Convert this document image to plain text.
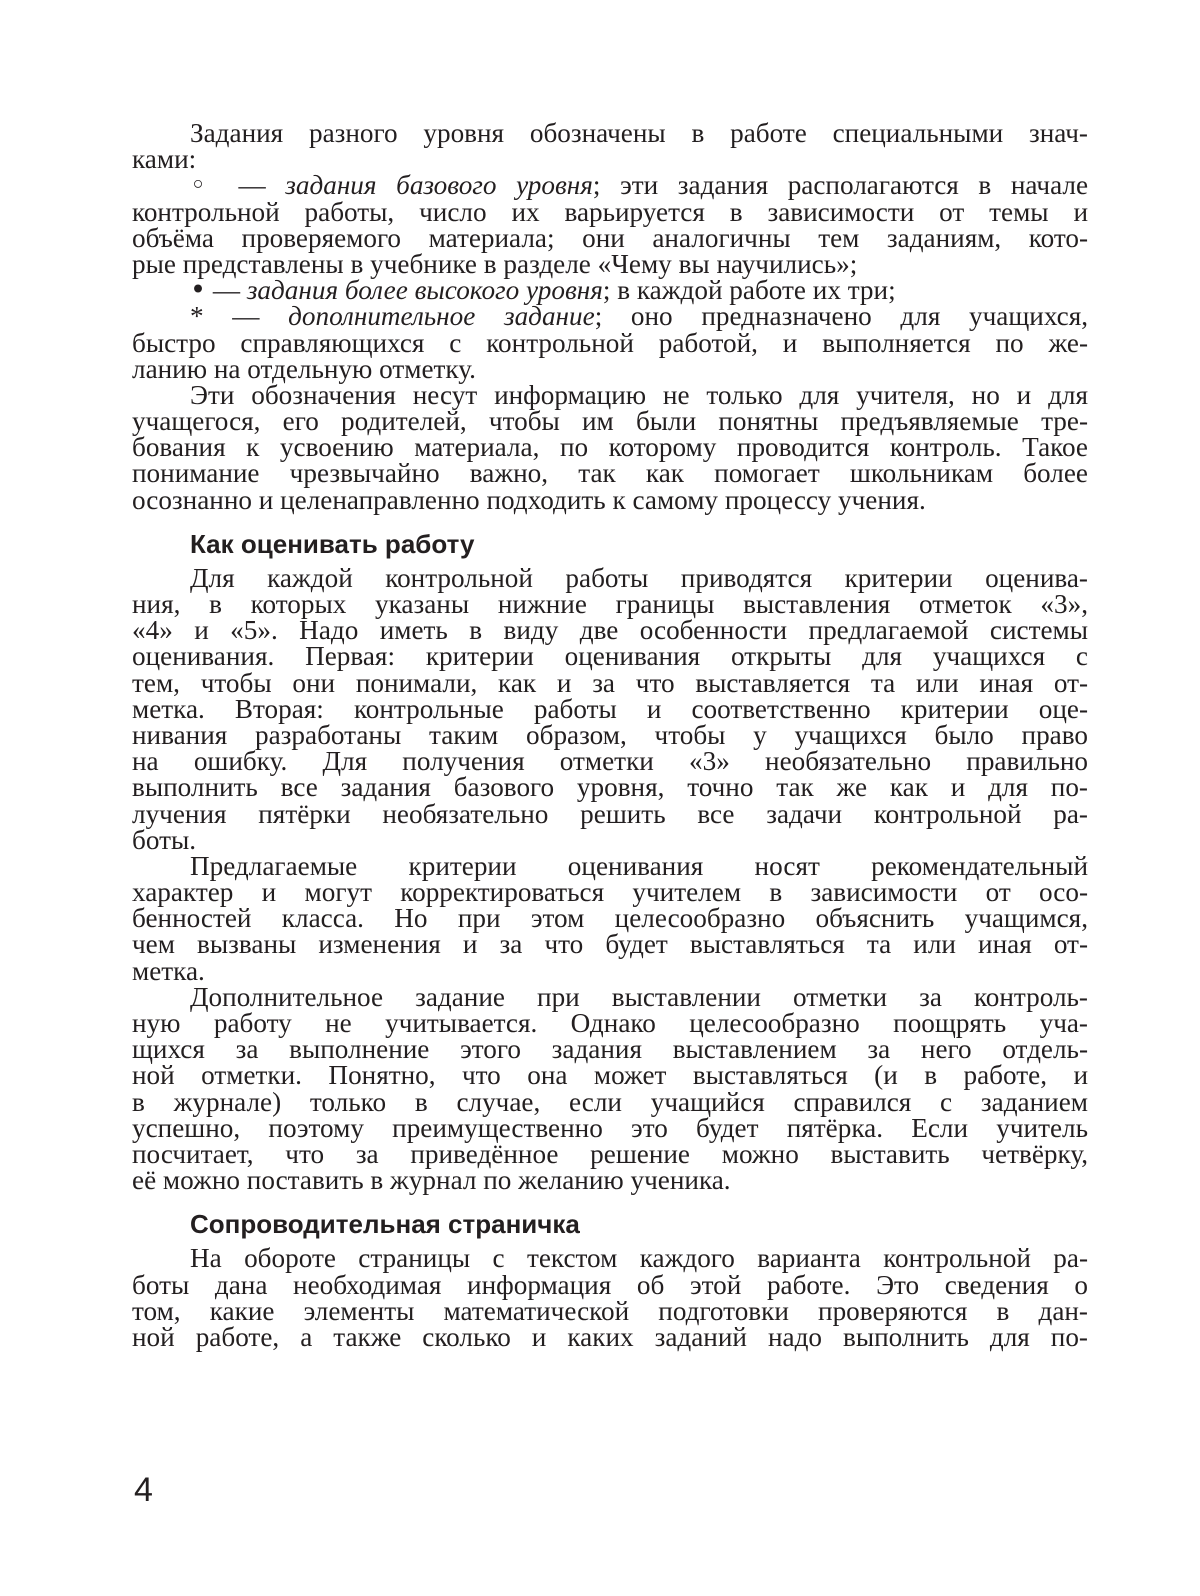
Задания разного уровня обозначены в работе специальными знач-
ками:
◦ — задания базового уровня; эти задания располагаются в начале
контрольной работы, число их варьируется в зависимости от темы и
объёма проверяемого материала; они аналогичны тем заданиям, кото-
рые представлены в учебнике в разделе «Чему вы научились»;
• — задания более высокого уровня; в каждой работе их три;
* — дополнительное задание; оно предназначено для учащихся,
быстро справляющихся с контрольной работой, и выполняется по же-
ланию на отдельную отметку.
Эти обозначения несут информацию не только для учителя, но и для
учащегося, его родителей, чтобы им были понятны предъявляемые тре-
бования к усвоению материала, по которому проводится контроль. Такое
понимание чрезвычайно важно, так как помогает школьникам более
осознанно и целенаправленно подходить к самому процессу учения.
Как оценивать работу
Для каждой контрольной работы приводятся критерии оценива-
ния, в которых указаны нижние границы выставления отметок «3»,
«4» и «5». Надо иметь в виду две особенности предлагаемой системы
оценивания. Первая: критерии оценивания открыты для учащихся с
тем, чтобы они понимали, как и за что выставляется та или иная от-
метка. Вторая: контрольные работы и соответственно критерии оце-
нивания разработаны таким образом, чтобы у учащихся было право
на ошибку. Для получения отметки «3» необязательно правильно
выполнить все задания базового уровня, точно так же как и для по-
лучения пятёрки необязательно решить все задачи контрольной ра-
боты.
Предлагаемые критерии оценивания носят рекомендательный
характер и могут корректироваться учителем в зависимости от осо-
бенностей класса. Но при этом целесообразно объяснить учащимся,
чем вызваны изменения и за что будет выставляться та или иная от-
метка.
Дополнительное задание при выставлении отметки за контроль-
ную работу не учитывается. Однако целесообразно поощрять уча-
щихся за выполнение этого задания выставлением за него отдель-
ной отметки. Понятно, что она может выставляться (и в работе, и
в журнале) только в случае, если учащийся справился с заданием
успешно, поэтому преимущественно это будет пятёрка. Если учитель
посчитает, что за приведённое решение можно выставить четвёрку,
её можно поставить в журнал по желанию ученика.
Сопроводительная страничка
На обороте страницы с текстом каждого варианта контрольной ра-
боты дана необходимая информация об этой работе. Это сведения о
том, какие элементы математической подготовки проверяются в дан-
ной работе, а также сколько и каких заданий надо выполнить для по-
4
